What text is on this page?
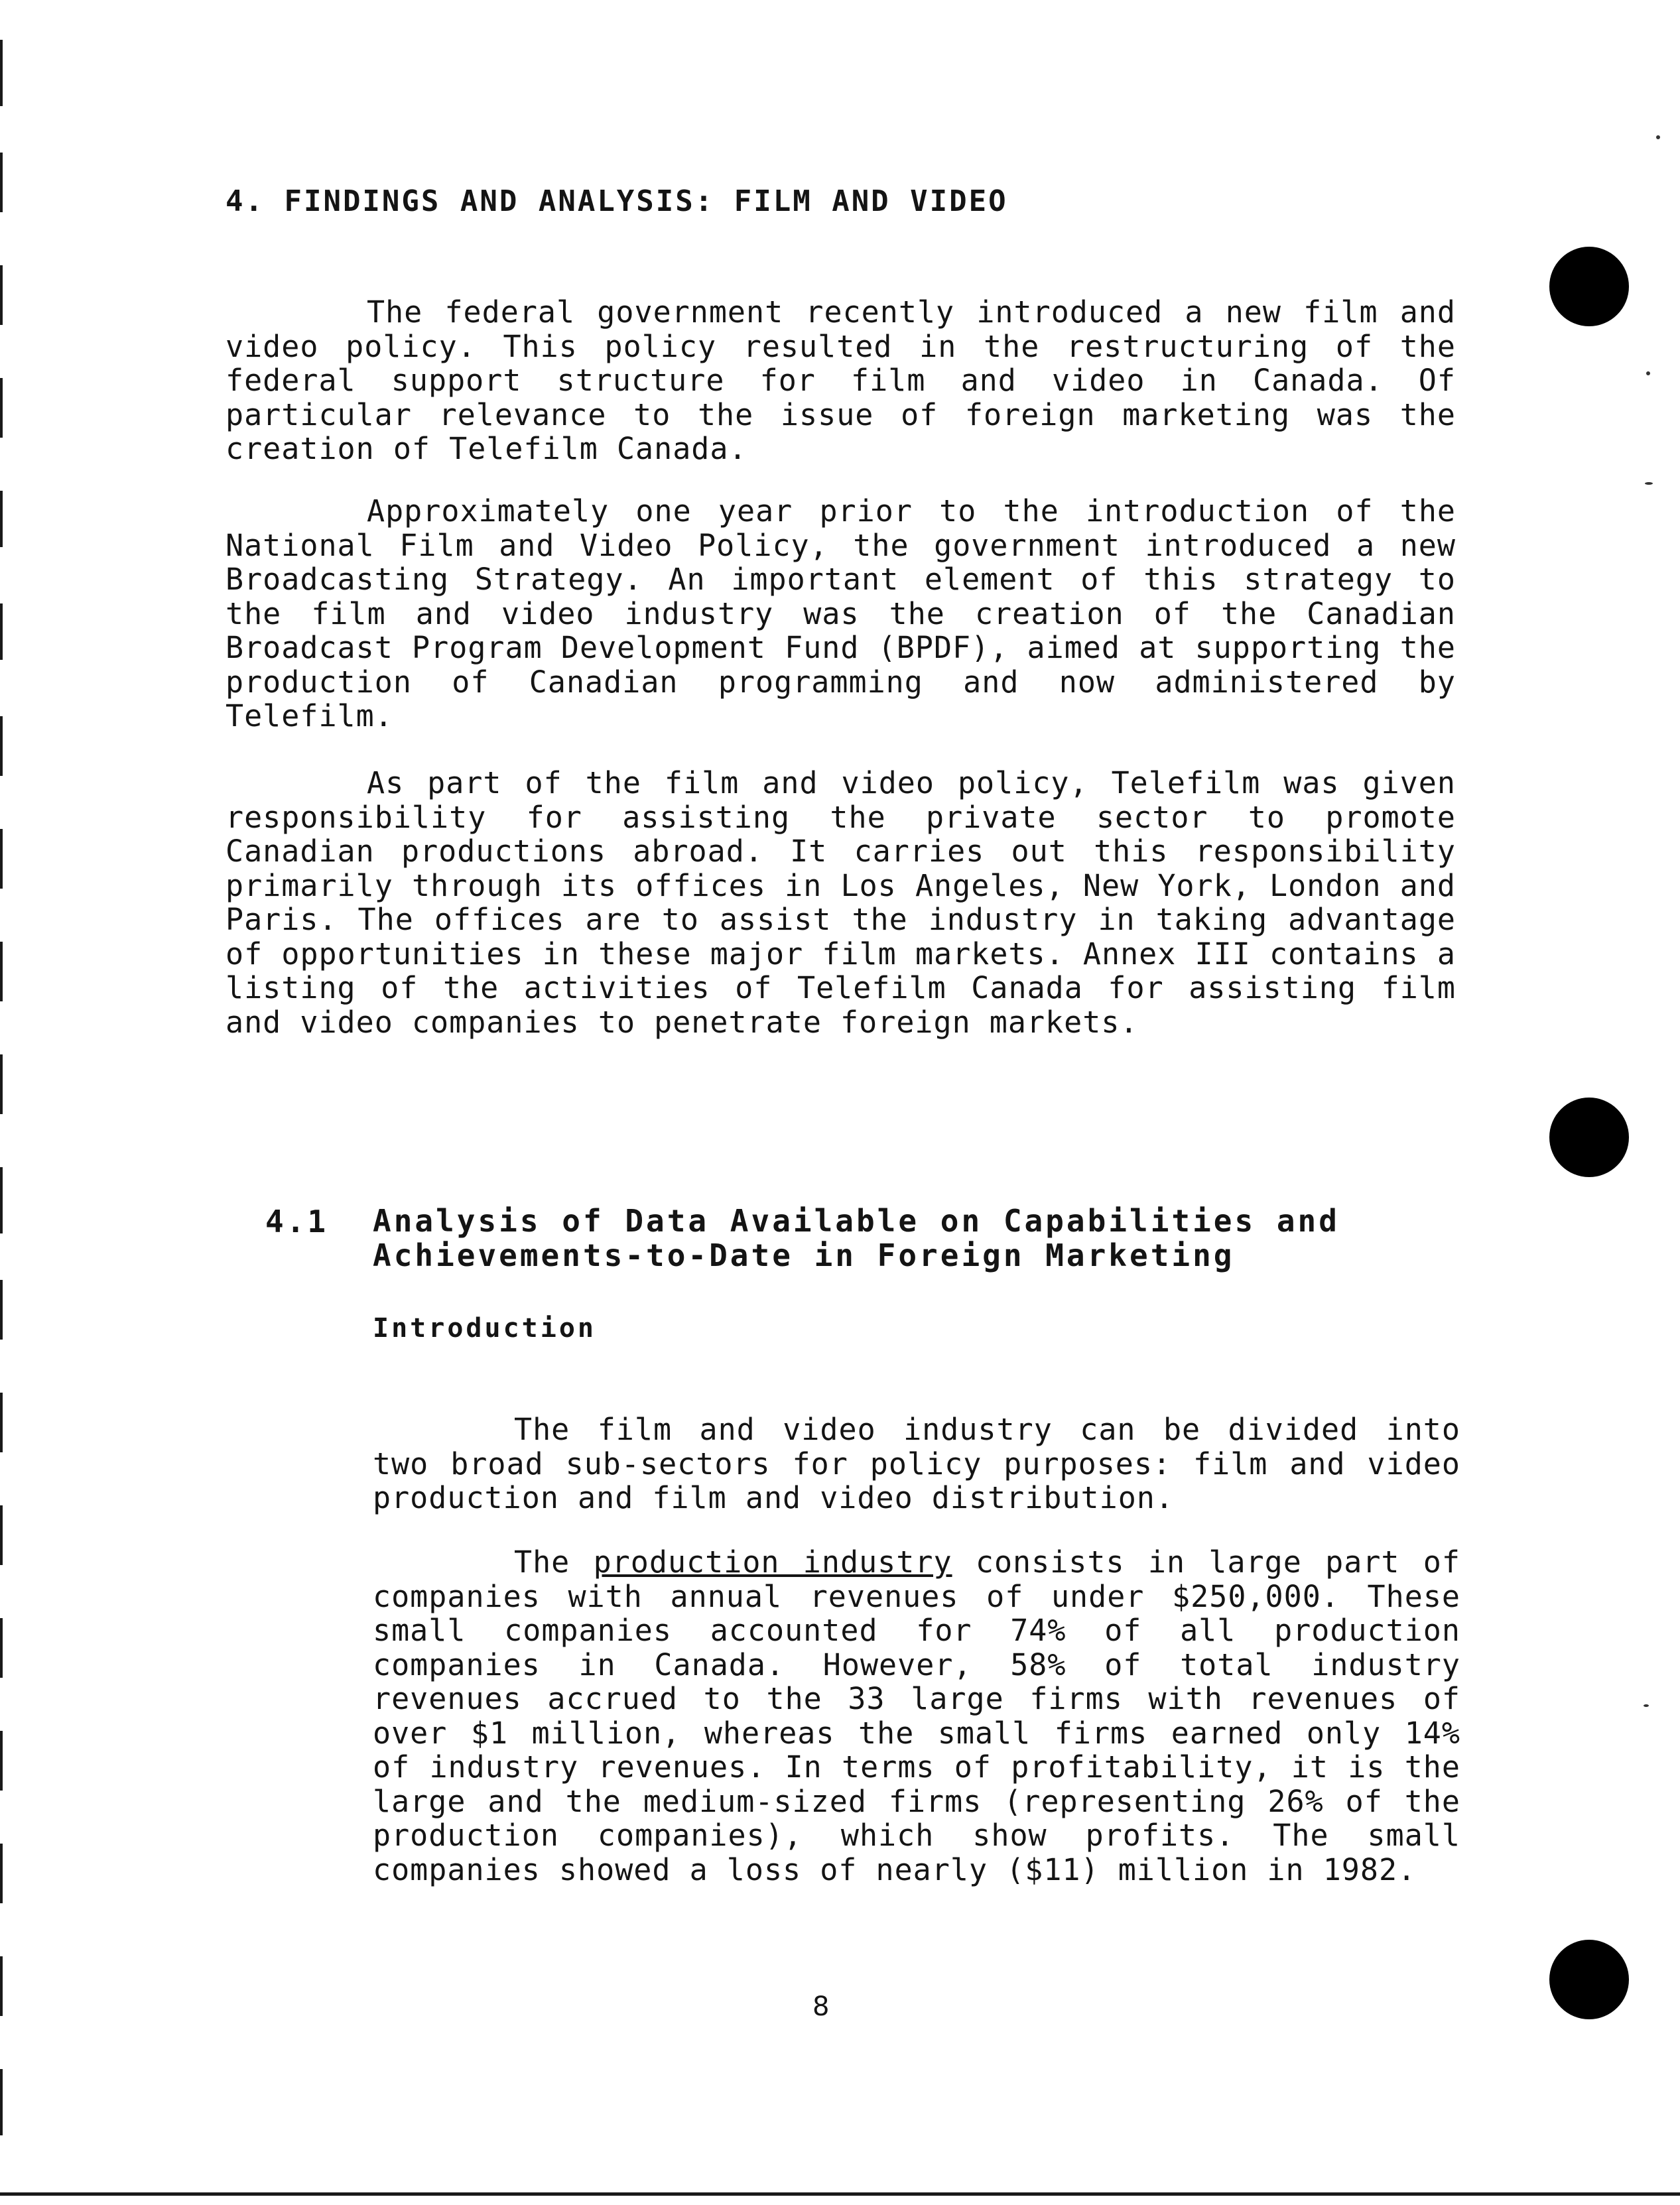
4. FINDINGS AND ANALYSIS: FILM AND VIDEO

The federal government recently introduced a new film and video policy. This policy resulted in the restructuring of the federal support structure for film and video in Canada. Of particular relevance to the issue of foreign marketing was the creation of Telefilm Canada.

Approximately one year prior to the introduction of the National Film and Video Policy, the government introduced a new Broadcasting Strategy. An important element of this strategy to the film and video industry was the creation of the Canadian Broadcast Program Development Fund (BPDF), aimed at supporting the production of Canadian programming and now administered by Telefilm.

As part of the film and video policy, Telefilm was given responsibility for assisting the private sector to promote Canadian productions abroad. It carries out this responsibility primarily through its offices in Los Angeles, New York, London and Paris. The offices are to assist the industry in taking advantage of opportunities in these major film markets. Annex III contains a listing of the activities of Telefilm Canada for assisting film and video companies to penetrate foreign markets.

4.1 Analysis of Data Available on Capabilities and Achievements-to-Date in Foreign Marketing
Introduction

The film and video industry can be divided into two broad sub-sectors for policy purposes: film and video production and film and video distribution.

The production industry consists in large part of companies with annual revenues of under $250,000. These small companies accounted for 74% of all production companies in Canada. However, 58% of total industry revenues accrued to the 33 large firms with revenues of over $1 million, whereas the small firms earned only 14% of industry revenues. In terms of profitability, it is the large and the medium-sized firms (representing 26% of the production companies), which show profits. The small companies showed a loss of nearly ($11) million in 1982.

8
